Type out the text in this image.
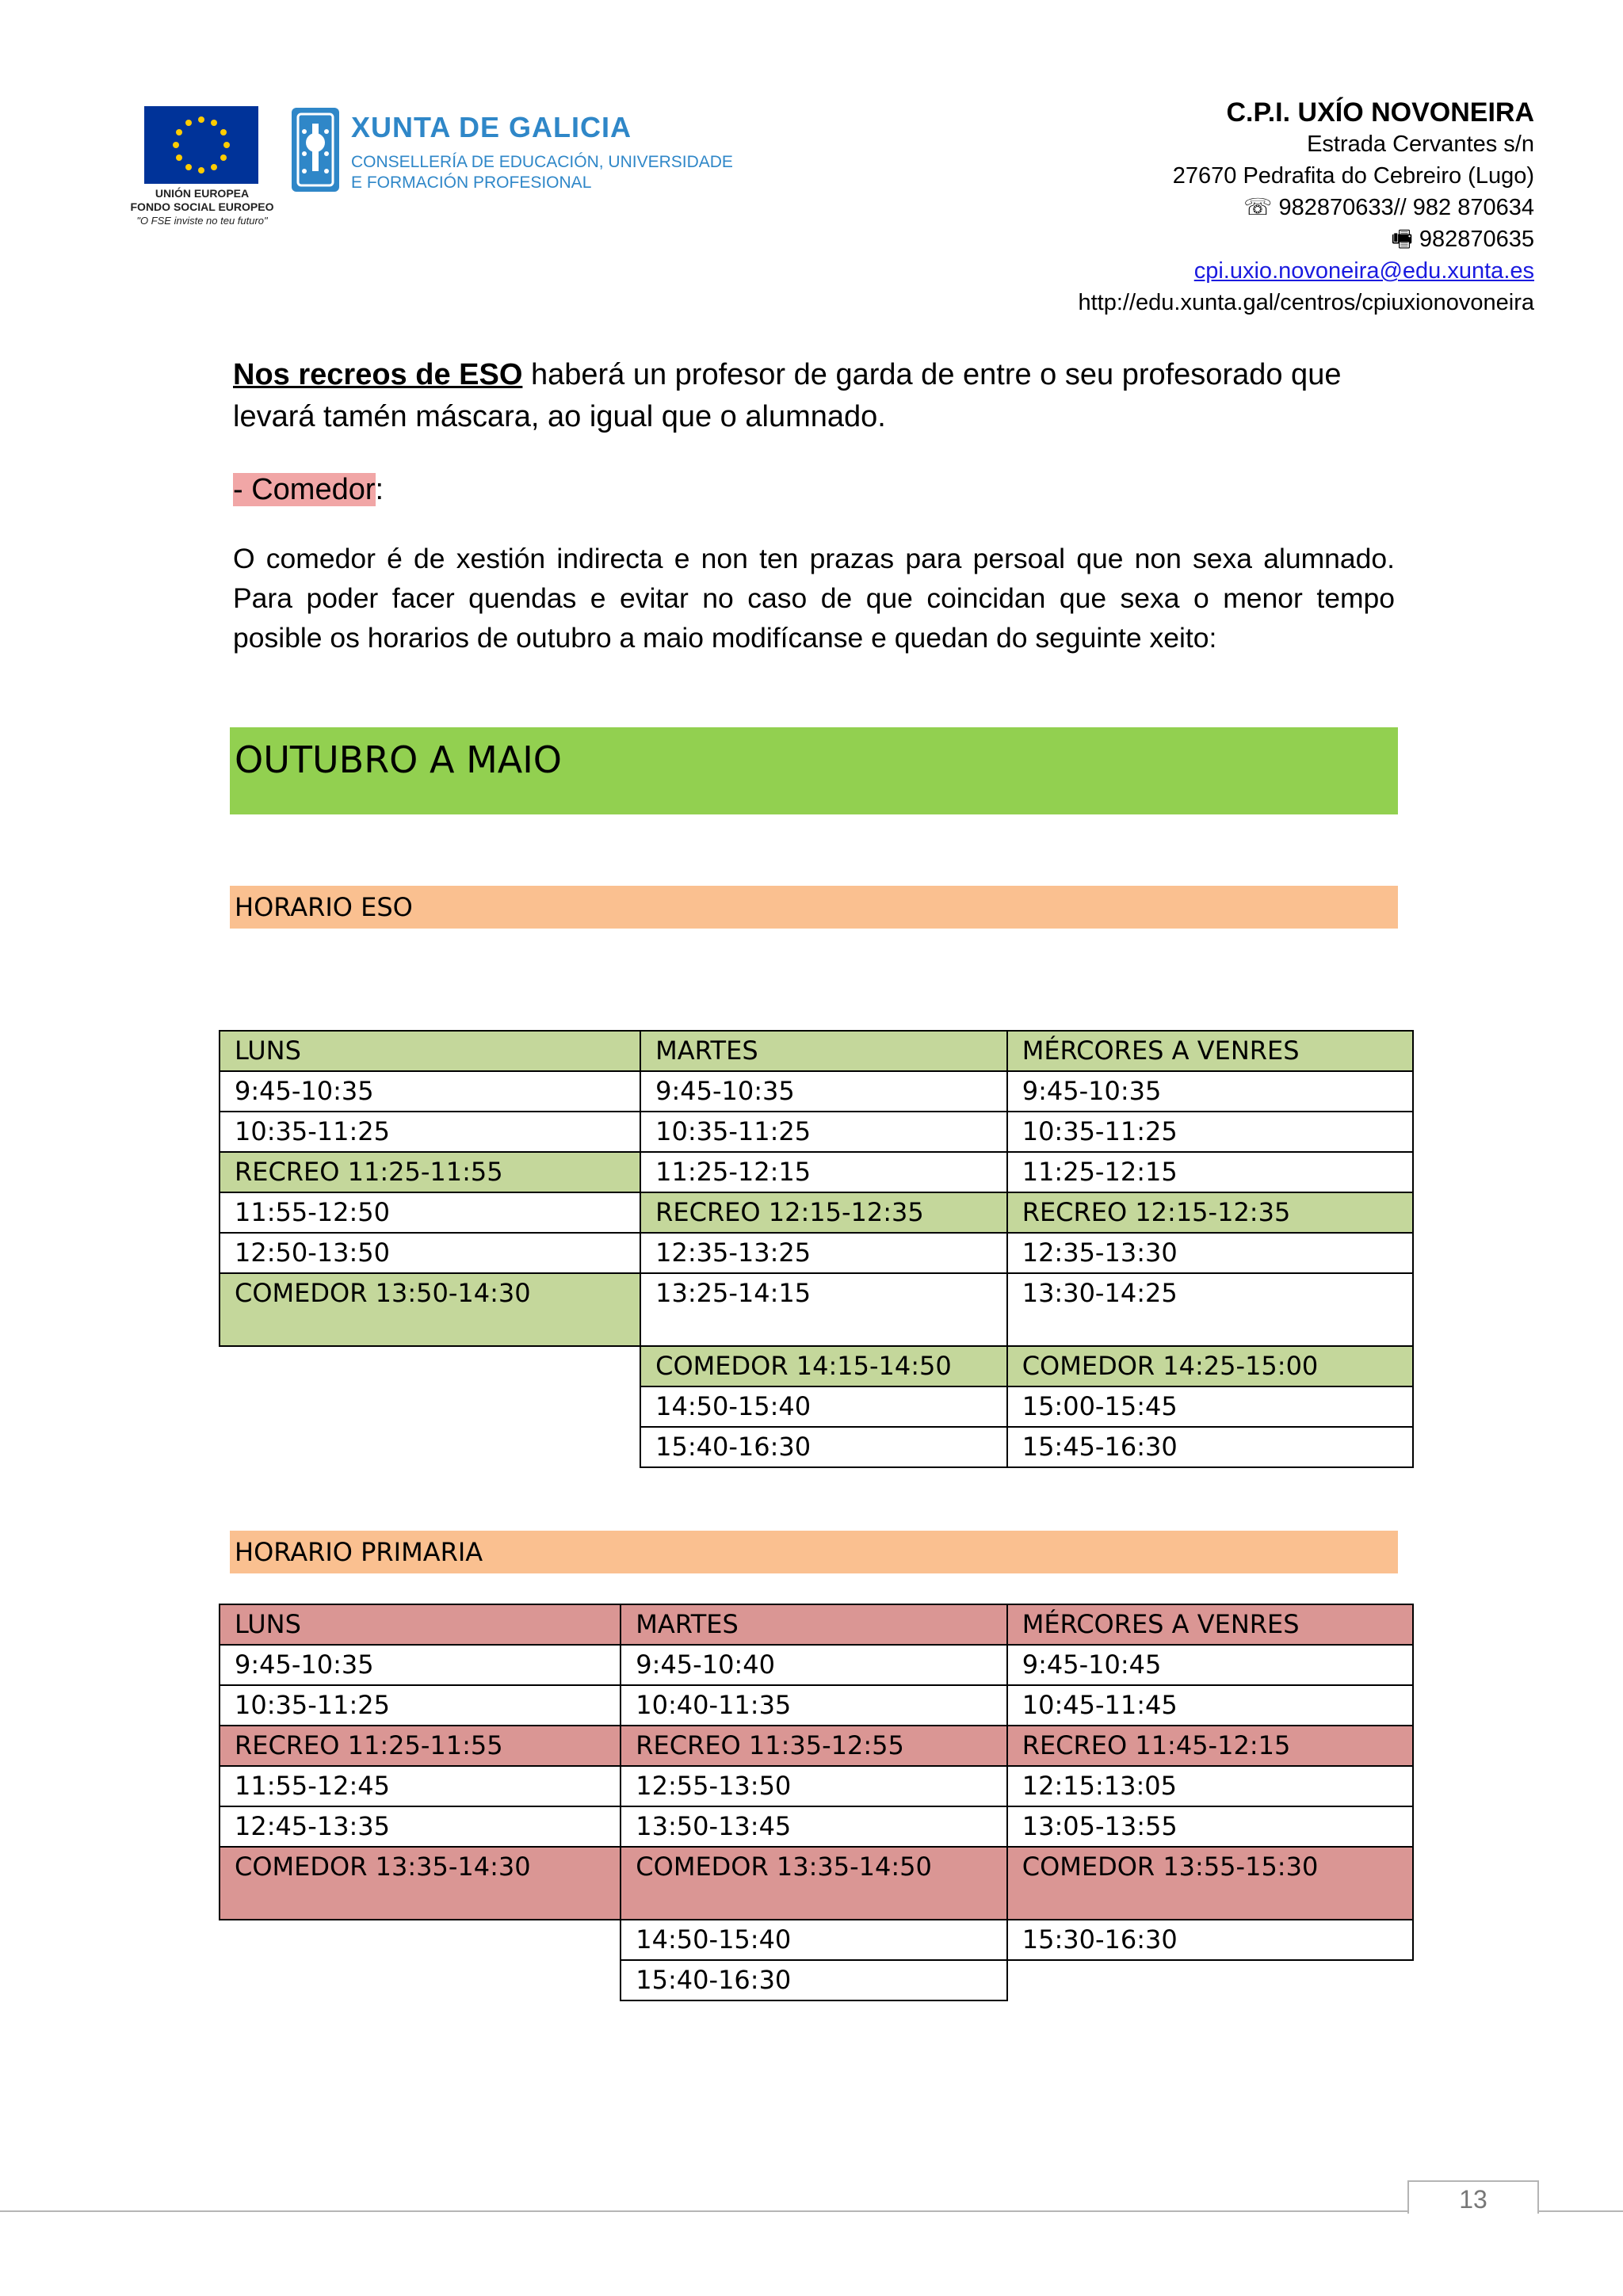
UNIÓN EUROPEA
FONDO SOCIAL EUROPEO
"O FSE inviste no teu futuro"
XUNTA DE GALICIA
CONSELLERÍA DE EDUCACIÓN, UNIVERSIDADE
E FORMACIÓN PROFESIONAL
C.P.I. UXÍO NOVONEIRA
Estrada Cervantes s/n
27670 Pedrafita do Cebreiro (Lugo)
☏ 982870633// 982 870634
🖷 982870635
cpi.uxio.novoneira@edu.xunta.es
http://edu.xunta.gal/centros/cpiuxionovoneira
Nos recreos de ESO haberá un profesor de garda de entre o seu profesorado que levará tamén máscara, ao igual que o alumnado.
- Comedor:
O comedor é de xestión indirecta e non ten prazas para persoal que non sexa alumnado. Para poder facer quendas e evitar no caso de que coincidan que sexa o menor tempo posible os horarios de outubro a maio modifícanse e quedan do seguinte xeito:
OUTUBRO A MAIO
HORARIO ESO
LUNS	MARTES	MÉRCORES A VENRES
9:45-10:35	9:45-10:35	9:45-10:35
10:35-11:25	10:35-11:25	10:35-11:25
RECREO 11:25-11:55	11:25-12:15	11:25-12:15
11:55-12:50	RECREO 12:15-12:35	RECREO 12:15-12:35
12:50-13:50	12:35-13:25	12:35-13:30
COMEDOR 13:50-14:30	13:25-14:15	13:30-14:25
	COMEDOR 14:15-14:50	COMEDOR 14:25-15:00
	14:50-15:40	15:00-15:45
	15:40-16:30	15:45-16:30
HORARIO PRIMARIA
LUNS	MARTES	MÉRCORES A VENRES
9:45-10:35	9:45-10:40	9:45-10:45
10:35-11:25	10:40-11:35	10:45-11:45
RECREO 11:25-11:55	RECREO 11:35-12:55	RECREO 11:45-12:15
11:55-12:45	12:55-13:50	12:15:13:05
12:45-13:35	13:50-13:45	13:05-13:55
COMEDOR 13:35-14:30	COMEDOR 13:35-14:50	COMEDOR 13:55-15:30
	14:50-15:40	15:30-16:30
	15:40-16:30	
13
